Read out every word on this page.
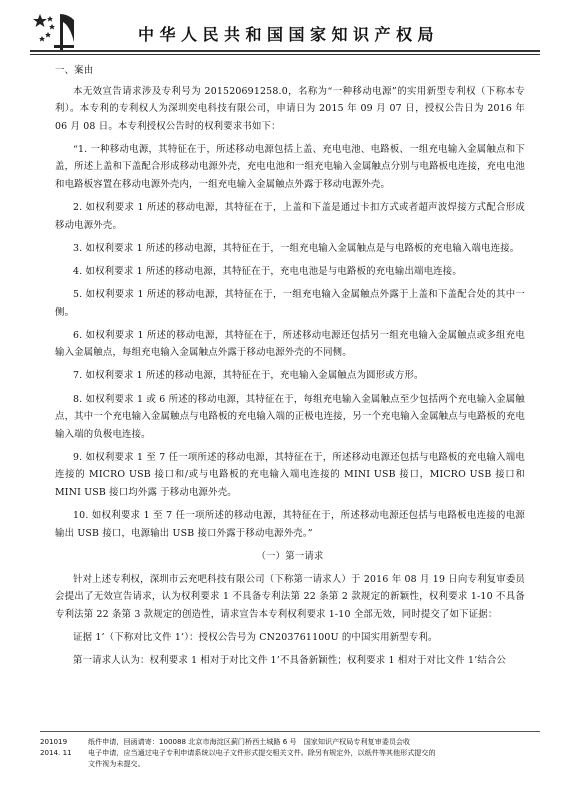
中华人民共和国国家知识产权局

一、案由

本无效宣告请求涉及专利号为 201520691258.0，名称为“一种移动电源”的实用新型专利权（下称本专利）。本专利的专利权人为深圳奕电科技有限公司，申请日为 2015 年 09 月 07 日，授权公告日为 2016 年 06 月 08 日。本专利授权公告时的权利要求书如下：

“1. 一种移动电源，其特征在于，所述移动电源包括上盖、充电电池、电路板、一组充电输入金属触点和下盖，所述上盖和下盖配合形成移动电源外壳，充电电池和一组充电输入金属触点分别与电路板电连接，充电电池和电路板容置在移动电源外壳内，一组充电输入金属触点外露于移动电源外壳。

2. 如权利要求 1 所述的移动电源，其特征在于，上盖和下盖是通过卡扣方式或者超声波焊接方式配合形成移动电源外壳。

3. 如权利要求 1 所述的移动电源，其特征在于，一组充电输入金属触点是与电路板的充电输入端电连接。

4. 如权利要求 1 所述的移动电源，其特征在于，充电电池是与电路板的充电输出端电连接。

5. 如权利要求 1 所述的移动电源，其特征在于，一组充电输入金属触点外露于上盖和下盖配合处的其中一侧。

6. 如权利要求 1 所述的移动电源，其特征在于，所述移动电源还包括另一组充电输入金属触点或多组充电输入金属触点，每组充电输入金属触点外露于移动电源外壳的不同侧。

7. 如权利要求 1 所述的移动电源，其特征在于，充电输入金属触点为圆形或方形。

8. 如权利要求 1 或 6 所述的移动电源，其特征在于，每组充电输入金属触点至少包括两个充电输入金属触点，其中一个充电输入金属触点与电路板的充电输入端的正极电连接，另一个充电输入金属触点与电路板的充电输入端的负极电连接。

9. 如权利要求 1 至 7 任一项所述的移动电源，其特征在于，所述移动电源还包括与电路板的充电输入端电连接的 MICRO USB 接口和/或与电路板的充电输入端电连接的 MINI USB 接口，MICRO USB 接口和 MINI USB 接口均外露 于移动电源外壳。

10. 如权利要求 1 至 7 任一项所述的移动电源，其特征在于，所述移动电源还包括与电路板电连接的电源输出 USB 接口，电源输出 USB 接口外露于移动电源外壳。”

（一）第一请求

针对上述专利权，深圳市云充吧科技有限公司（下称第一请求人）于 2016 年 08 月 19 日向专利复审委员会提出了无效宣告请求，认为权利要求 1 不具备专利法第 22 条第 2 款规定的新颖性，权利要求 1-10 不具备专利法第 22 条第 3 款规定的创造性，请求宣告本专利权利要求 1-10 全部无效，同时提交了如下证据：

证据 1’（下称对比文件 1’）：授权公告号为 CN203761100U 的中国实用新型专利。

第一请求人认为：权利要求 1 相对于对比文件 1’不具备新颖性；权利要求 1 相对于对比文件 1’结合公

201019	纸件申请，回函请寄：100088 北京市海淀区蓟门桥西土城路 6 号　国家知识产权局专利复审委员会收
2014. 11	电子申请，应当通过电子专利申请系统以电子文件形式提交相关文件。除另有规定外，以纸件等其他形式提交的
文件视为未提交。
